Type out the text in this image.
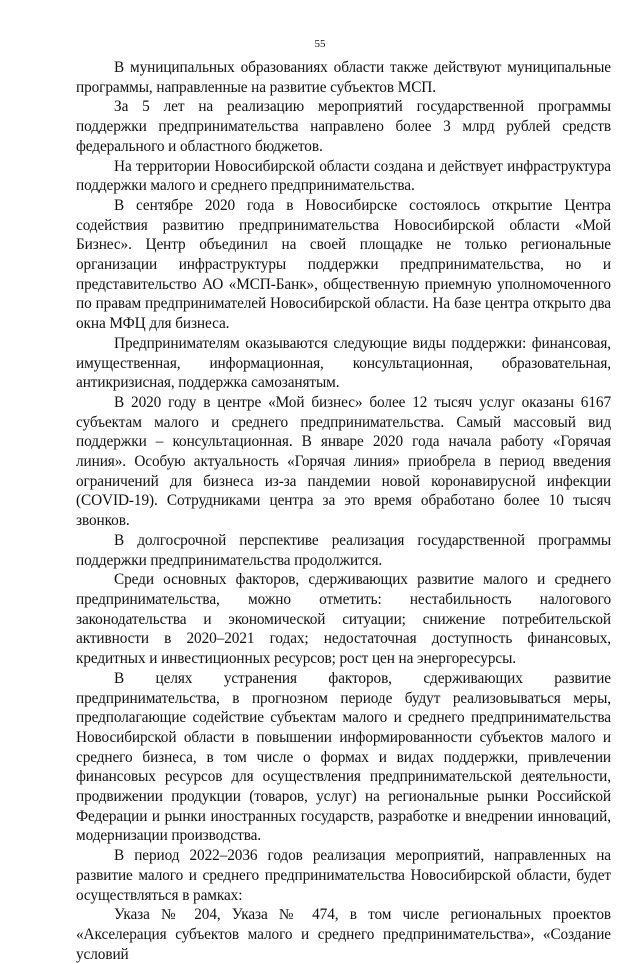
55

В муниципальных образованиях области также действуют муниципальные программы, направленные на развитие субъектов МСП.

За 5 лет на реализацию мероприятий государственной программы поддержки предпринимательства направлено более 3 млрд рублей средств федерального и областного бюджетов.

На территории Новосибирской области создана и действует инфраструктура поддержки малого и среднего предпринимательства.

В сентябре 2020 года в Новосибирске состоялось открытие Центра содействия развитию предпринимательства Новосибирской области «Мой Бизнес». Центр объединил на своей площадке не только региональные организации инфраструктуры поддержки предпринимательства, но и представительство АО «МСП-Банк», общественную приемную уполномоченного по правам предпринимателей Новосибирской области. На базе центра открыто два окна МФЦ для бизнеса.

Предпринимателям оказываются следующие виды поддержки: финансовая, имущественная, информационная, консультационная, образовательная, антикризисная, поддержка самозанятым.

В 2020 году в центре «Мой бизнес» более 12 тысяч услуг оказаны 6167 субъектам малого и среднего предпринимательства. Самый массовый вид поддержки – консультационная. В январе 2020 года начала работу «Горячая линия». Особую актуальность «Горячая линия» приобрела в период введения ограничений для бизнеса из-за пандемии новой коронавирусной инфекции (COVID-19). Сотрудниками центра за это время обработано более 10 тысяч звонков.

В долгосрочной перспективе реализация государственной программы поддержки предпринимательства продолжится.

Среди основных факторов, сдерживающих развитие малого и среднего предпринимательства, можно отметить: нестабильность налогового законодательства и экономической ситуации; снижение потребительской активности в 2020–2021 годах; недостаточная доступность финансовых, кредитных и инвестиционных ресурсов; рост цен на энергоресурсы.

В целях устранения факторов, сдерживающих развитие предпринимательства, в прогнозном периоде будут реализовываться меры, предполагающие содействие субъектам малого и среднего предпринимательства Новосибирской области в повышении информированности субъектов малого и среднего бизнеса, в том числе о формах и видах поддержки, привлечении финансовых ресурсов для осуществления предпринимательской деятельности, продвижении продукции (товаров, услуг) на региональные рынки Российской Федерации и рынки иностранных государств, разработке и внедрении инноваций, модернизации производства.

В период 2022–2036 годов реализация мероприятий, направленных на развитие малого и среднего предпринимательства Новосибирской области, будет осуществляться в рамках:

Указа № 204, Указа № 474, в том числе региональных проектов «Акселерация субъектов малого и среднего предпринимательства», «Создание условий
